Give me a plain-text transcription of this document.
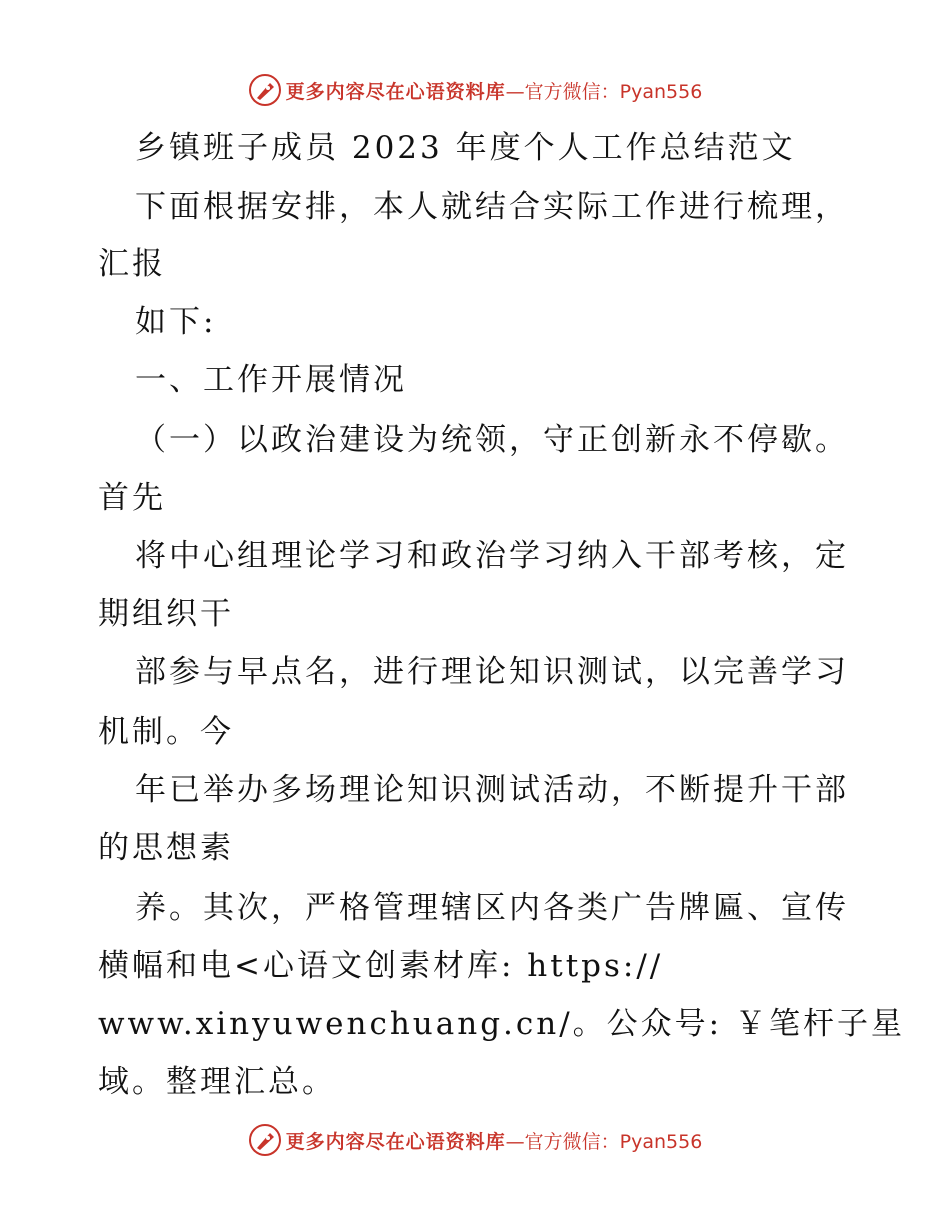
更多内容尽在心语资料库 —官方微信：Pyan556
乡镇班子成员 2023 年度个人工作总结范文
下面根据安排，本人就结合实际工作进行梳理，
汇报
如下:
一、工作开展情况
（一）以政治建设为统领，守正创新永不停歇。
首先
将中心组理论学习和政治学习纳入干部考核，定
期组织干
部参与早点名，进行理论知识测试，以完善学习
机制。今
年已举办多场理论知识测试活动，不断提升干部
的思想素
养。其次，严格管理辖区内各类广告牌匾、宣传
横幅和电<心语文创素材库: https://
www.xinyuwenchuang.cn/。公众号: ￥笔杆子星
域。整理汇总。
更多内容尽在心语资料库 —官方微信：Pyan556
